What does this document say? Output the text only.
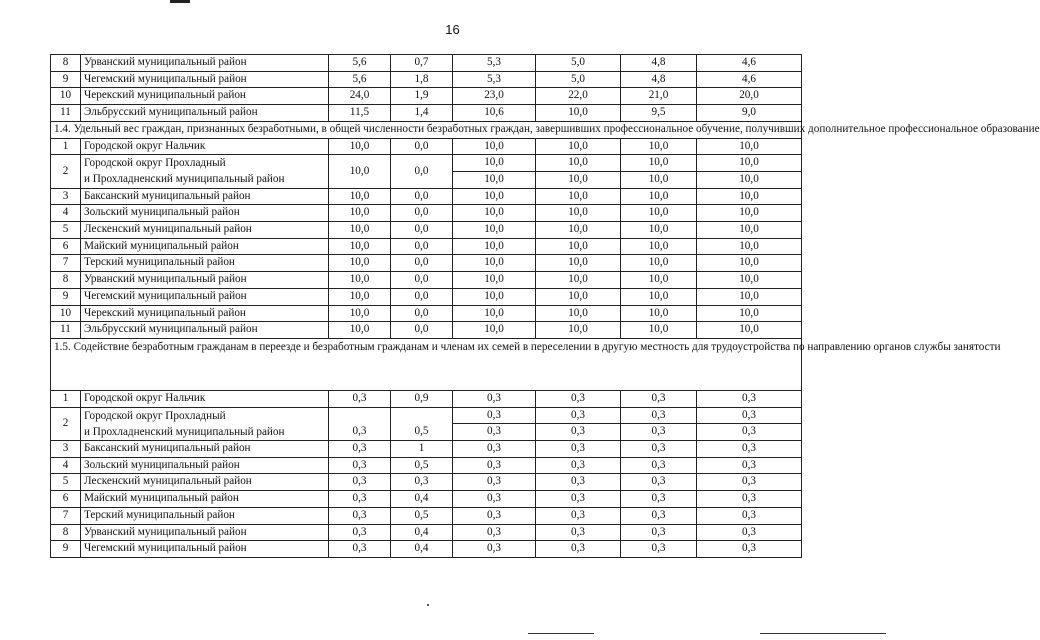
16
8	Урванский муниципальный район	5,6	0,7	5,3	5,0	4,8	4,6
9	Чегемский муниципальный район	5,6	1,8	5,3	5,0	4,8	4,6
10	Черекский муниципальный район	24,0	1,9	23,0	22,0	21,0	20,0
11	Эльбрусский муниципальный район	11,5	1,4	10,6	10,0	9,5	9,0
1.4. Удельный вес граждан, признанных безработными, в общей численности безработных граждан, завершивших профессиональное обучение, получивших дополнительное профессиональное образование							
1	Городской округ Нальчик	10,0	0,0	10,0	10,0	10,0	10,0
2	Городской округ Прохладный
и Прохладненский муниципальный район	10,0	0,0	10,0	10,0	10,0	10,0
				10,0	10,0	10,0	10,0
3	Баксанский муниципальный район	10,0	0,0	10,0	10,0	10,0	10,0
4	Зольский муниципальный район	10,0	0,0	10,0	10,0	10,0	10,0
5	Лескенский муниципальный район	10,0	0,0	10,0	10,0	10,0	10,0
6	Майский муниципальный район	10,0	0,0	10,0	10,0	10,0	10,0
7	Терский муниципальный район	10,0	0,0	10,0	10,0	10,0	10,0
8	Урванский муниципальный район	10,0	0,0	10,0	10,0	10,0	10,0
9	Чегемский муниципальный район	10,0	0,0	10,0	10,0	10,0	10,0
10	Черекский муниципальный район	10,0	0,0	10,0	10,0	10,0	10,0
11	Эльбрусский муниципальный район	10,0	0,0	10,0	10,0	10,0	10,0
1.5. Содействие безработным гражданам в переезде и безработным гражданам и членам их семей в переселении в другую местность для трудоустройства по направлению органов службы занятости							
1	Городской округ Нальчик	0,3	0,9	0,3	0,3	0,3	0,3
2	Городской округ Прохладный
и Прохладненский муниципальный район	0,3	0,5	0,3	0,3	0,3	0,3
				0,3	0,3	0,3	0,3
3	Баксанский муниципальный район	0,3	1	0,3	0,3	0,3	0,3
4	Зольский муниципальный район	0,3	0,5	0,3	0,3	0,3	0,3
5	Лескенский муниципальный район	0,3	0,3	0,3	0,3	0,3	0,3
6	Майский муниципальный район	0,3	0,4	0,3	0,3	0,3	0,3
7	Терский муниципальный район	0,3	0,5	0,3	0,3	0,3	0,3
8	Урванский муниципальный район	0,3	0,4	0,3	0,3	0,3	0,3
9	Чегемский муниципальный район	0,3	0,4	0,3	0,3	0,3	0,3
